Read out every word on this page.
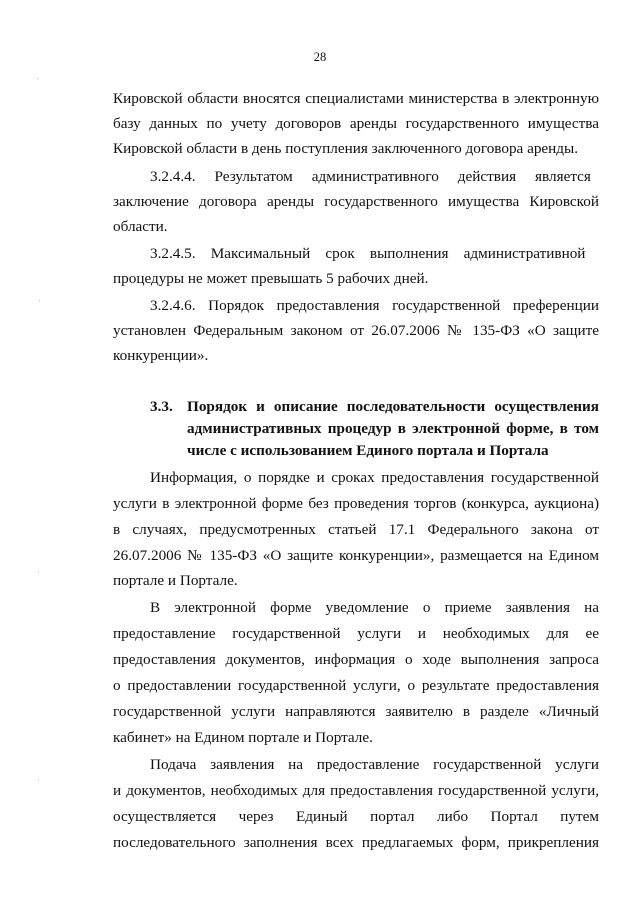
28
Кировской области вносятся специалистами министерства в электронную
базу данных по учету договоров аренды государственного имущества
Кировской области в день поступления заключенного договора аренды.
3.2.4.4.     Результатом     административного     действия     является
заключение договора аренды государственного имущества Кировской
области.
3.2.4.5.    Максимальный    срок    выполнения    административной
процедуры не может превышать 5 рабочих дней.
3.2.4.6. Порядок предоставления государственной преференции
установлен Федеральным законом от 26.07.2006 № 135-ФЗ «О защите
конкуренции».
3.3. Порядок и описание последовательности осуществления
административных процедур в электронной форме, в том
числе с использованием Единого портала и Портала
Информация, о порядке и сроках предоставления государственной
услуги в электронной форме без проведения торгов (конкурса, аукциона)
в случаях, предусмотренных статьей 17.1 Федерального закона от
26.07.2006 № 135-ФЗ «О защите конкуренции», размещается на Едином
портале и Портале.
В электронной форме уведомление о приеме заявления на
предоставление государственной услуги и необходимых для ее
предоставления документов, информация о ходе выполнения запроса
о предоставлении государственной услуги, о результате предоставления
государственной услуги направляются заявителю в разделе «Личный
кабинет» на Едином портале и Портале.
Подача заявления на предоставление государственной услуги
и документов, необходимых для предоставления государственной услуги,
осуществляется через Единый портал либо Портал путем
последовательного заполнения всех предлагаемых форм, прикрепления
